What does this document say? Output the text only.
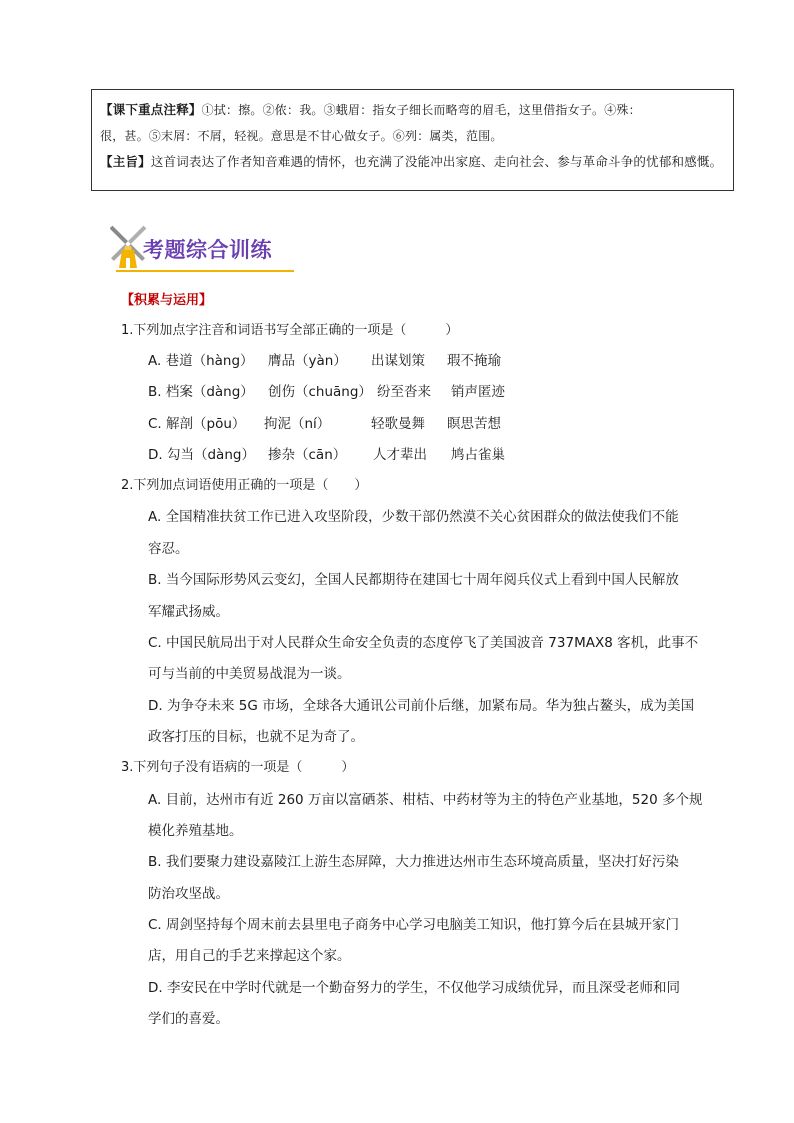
【课下重点注释】①拭：擦。②侬：我。③蛾眉：指女子细长而略弯的眉毛，这里借指女子。④殊：
很，甚。⑤末屑：不屑，轻视。意思是不甘心做女子。⑥列：属类，范围。
【主旨】这首词表达了作者知音难遇的情怀，也充满了没能冲出家庭、走向社会、参与革命斗争的忧郁和感慨。
考题综合训练
【积累与运用】
1.下列加点字注音和词语书写全部正确的一项是（　　　）
A. 巷道（hàng） 膺品（yàn） 出谋划策 瑕不掩瑜
B. 档案（dàng） 创伤（chuāng） 纷至沓来 销声匿迹
C. 解剖（pōu） 拘泥（ní）	轻歌曼舞 瞑思苦想
D. 勾当（dàng） 掺杂（cān） 人才辈出 鸠占雀巢
2.下列加点词语使用正确的一项是（　　）
A. 全国精准扶贫工作已进入攻坚阶段，少数干部仍然漠不关心贫困群众的做法使我们不能
容忍。
B. 当今国际形势风云变幻，全国人民都期待在建国七十周年阅兵仪式上看到中国人民解放
军耀武扬威。
C. 中国民航局出于对人民群众生命安全负责的态度停飞了美国波音 737MAX8 客机，此事不
可与当前的中美贸易战混为一谈。
D. 为争夺未来 5G 市场，全球各大通讯公司前仆后继，加紧布局。华为独占鳌头，成为美国
政客打压的目标，也就不足为奇了。
3.下列句子没有语病的一项是（　　　）
A. 目前，达州市有近 260 万亩以富硒茶、柑桔、中药材等为主的特色产业基地，520 多个规
模化养殖基地。
B. 我们要聚力建设嘉陵江上游生态屏障，大力推进达州市生态环境高质量，坚决打好污染
防治攻坚战。
C. 周剑坚持每个周末前去县里电子商务中心学习电脑美工知识，他打算今后在县城开家门
店，用自己的手艺来撑起这个家。
D. 李安民在中学时代就是一个勤奋努力的学生，不仅他学习成绩优异，而且深受老师和同
学们的喜爱。
